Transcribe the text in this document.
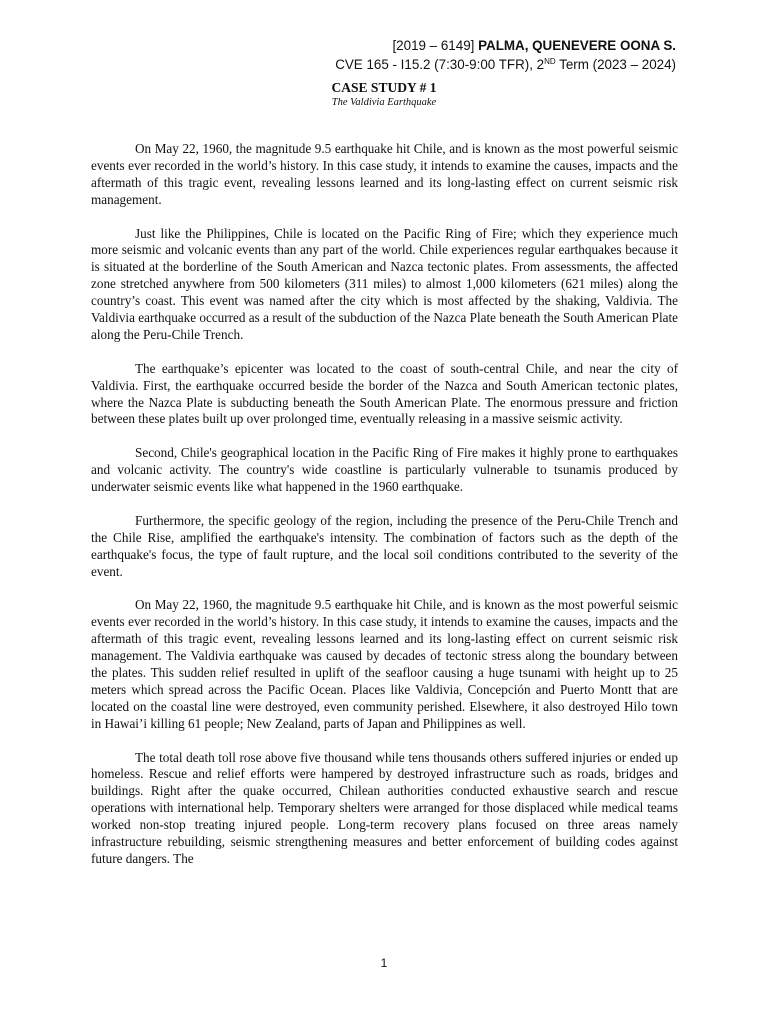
[2019 – 6149] PALMA, QUENEVERE OONA S.
CVE 165 - I15.2 (7:30-9:00 TFR), 2ND Term (2023 – 2024)
CASE STUDY # 1
The Valdivia Earthquake

On May 22, 1960, the magnitude 9.5 earthquake hit Chile, and is known as the most powerful seismic events ever recorded in the world’s history. In this case study, it intends to examine the causes, impacts and the aftermath of this tragic event, revealing lessons learned and its long-lasting effect on current seismic risk management.

Just like the Philippines, Chile is located on the Pacific Ring of Fire; which they experience much more seismic and volcanic events than any part of the world. Chile experiences regular earthquakes because it is situated at the borderline of the South American and Nazca tectonic plates. From assessments, the affected zone stretched anywhere from 500 kilometers (311 miles) to almost 1,000 kilometers (621 miles) along the country’s coast. This event was named after the city which is most affected by the shaking, Valdivia. The Valdivia earthquake occurred as a result of the subduction of the Nazca Plate beneath the South American Plate along the Peru-Chile Trench.

The earthquake’s epicenter was located to the coast of south-central Chile, and near the city of Valdivia. First, the earthquake occurred beside the border of the Nazca and South American tectonic plates, where the Nazca Plate is subducting beneath the South American Plate. The enormous pressure and friction between these plates built up over prolonged time, eventually releasing in a massive seismic activity.

Second, Chile's geographical location in the Pacific Ring of Fire makes it highly prone to earthquakes and volcanic activity. The country's wide coastline is particularly vulnerable to tsunamis produced by underwater seismic events like what happened in the 1960 earthquake.

Furthermore, the specific geology of the region, including the presence of the Peru-Chile Trench and the Chile Rise, amplified the earthquake's intensity. The combination of factors such as the depth of the earthquake's focus, the type of fault rupture, and the local soil conditions contributed to the severity of the event.

On May 22, 1960, the magnitude 9.5 earthquake hit Chile, and is known as the most powerful seismic events ever recorded in the world’s history. In this case study, it intends to examine the causes, impacts and the aftermath of this tragic event, revealing lessons learned and its long-lasting effect on current seismic risk management. The Valdivia earthquake was caused by decades of tectonic stress along the boundary between the plates. This sudden relief resulted in uplift of the seafloor causing a huge tsunami with height up to 25 meters which spread across the Pacific Ocean. Places like Valdivia, Concepción and Puerto Montt that are located on the coastal line were destroyed, even community perished. Elsewhere, it also destroyed Hilo town in Hawai’i killing 61 people; New Zealand, parts of Japan and Philippines as well.

The total death toll rose above five thousand while tens thousands others suffered injuries or ended up homeless. Rescue and relief efforts were hampered by destroyed infrastructure such as roads, bridges and buildings. Right after the quake occurred, Chilean authorities conducted exhaustive search and rescue operations with international help. Temporary shelters were arranged for those displaced while medical teams worked non-stop treating injured people. Long-term recovery plans focused on three areas namely infrastructure rebuilding, seismic strengthening measures and better enforcement of building codes against future dangers. The

1
